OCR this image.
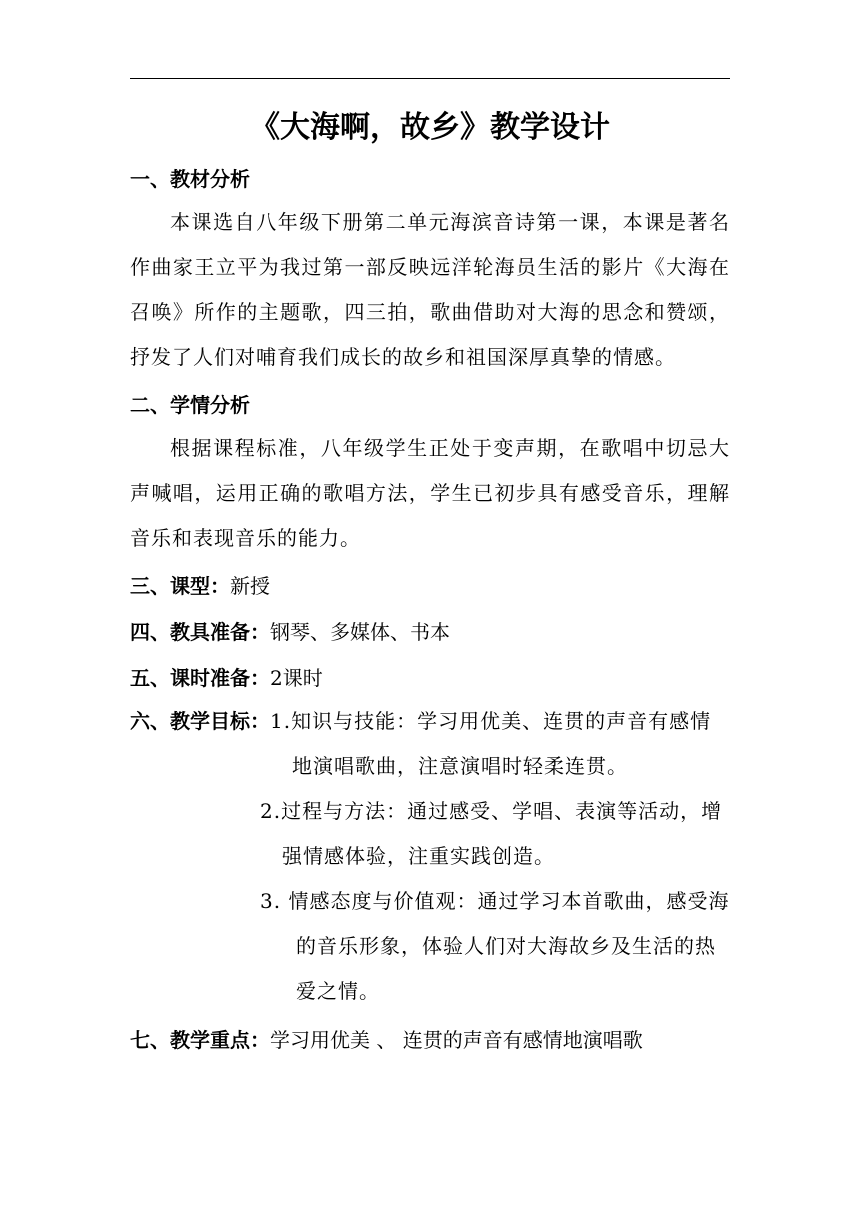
《大海啊，故乡》教学设计
一、教材分析
本课选自八年级下册第二单元海滨音诗第一课，本课是著名作曲家王立平为我过第一部反映远洋轮海员生活的影片《大海在召唤》所作的主题歌，四三拍，歌曲借助对大海的思念和赞颂，抒发了人们对哺育我们成长的故乡和祖国深厚真挚的情感。
二、学情分析
根据课程标准，八年级学生正处于变声期，在歌唱中切忌大声喊唱，运用正确的歌唱方法，学生已初步具有感受音乐，理解音乐和表现音乐的能力。
三、课型：新授
四、教具准备：钢琴、多媒体、书本
五、课时准备：2课时
六、教学目标： 1.知识与技能：学习用优美、连贯的声音有感情地演唱歌曲，注意演唱时轻柔连贯。
2.过程与方法：通过感受、学唱、表演等活动，增强情感体验，注重实践创造。
3. 情感态度与价值观：通过学习本首歌曲，感受海的音乐形象，体验人们对大海故乡及生活的热爱之情。
七、教学重点：学习用优美 、 连贯的声音有感情地演唱歌
